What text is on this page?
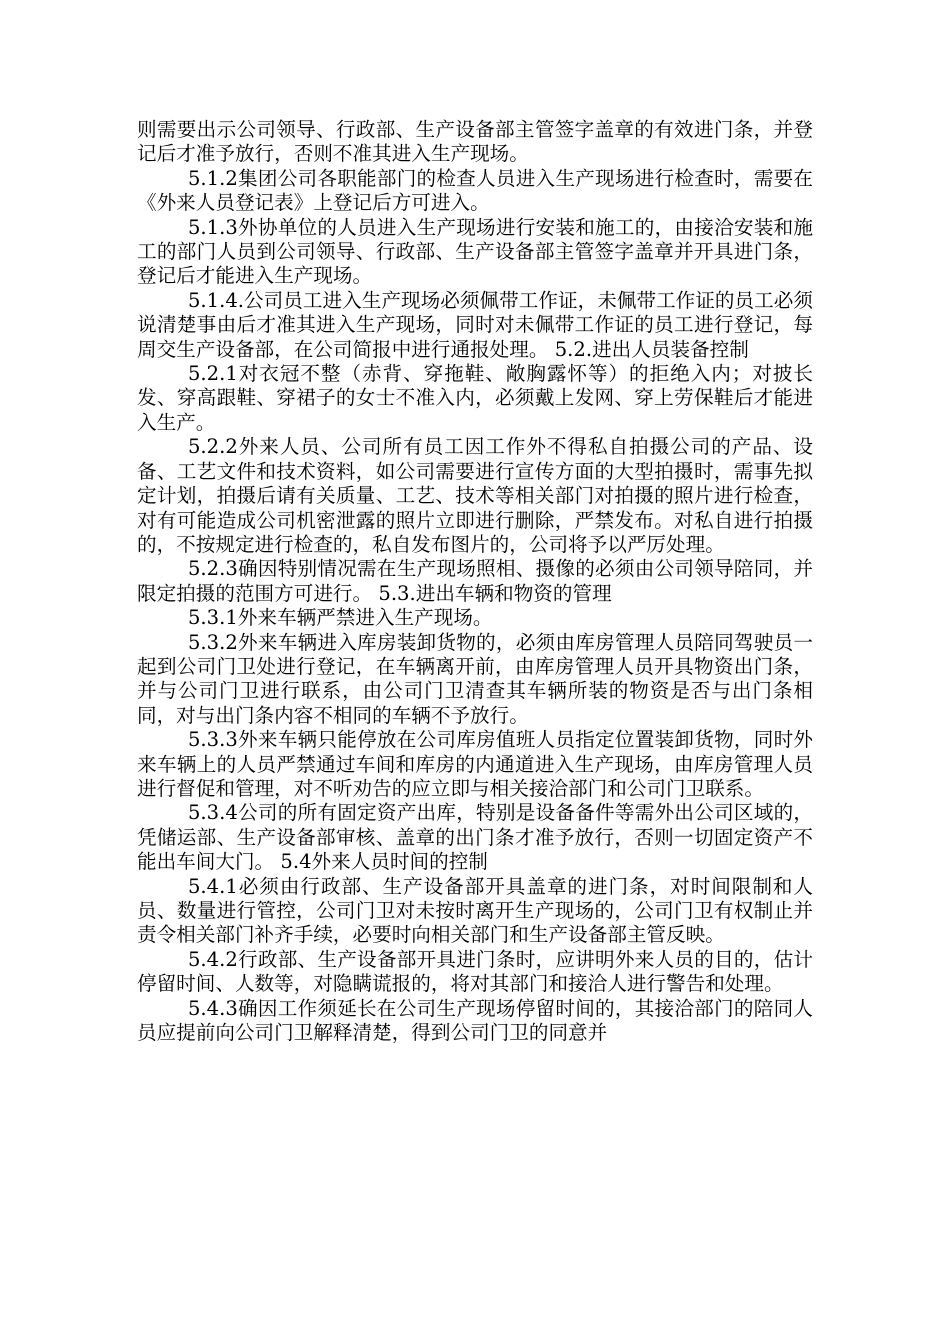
则需要出示公司领导、行政部、生产设备部主管签字盖章的有效进门条，并登记后才准予放行，否则不准其进入生产现场。

5.1.2集团公司各职能部门的检查人员进入生产现场进行检查时，需要在《外来人员登记表》上登记后方可进入。

5.1.3外协单位的人员进入生产现场进行安装和施工的，由接洽安装和施工的部门人员到公司领导、行政部、生产设备部主管签字盖章并开具进门条，登记后才能进入生产现场。

5.1.4.公司员工进入生产现场必须佩带工作证，未佩带工作证的员工必须说清楚事由后才准其进入生产现场，同时对未佩带工作证的员工进行登记，每周交生产设备部，在公司简报中进行通报处理。 5.2.进出人员装备控制

5.2.1对衣冠不整（赤背、穿拖鞋、敞胸露怀等）的拒绝入内；对披长发、穿高跟鞋、穿裙子的女士不准入内，必须戴上发网、穿上劳保鞋后才能进入生产。

5.2.2外来人员、公司所有员工因工作外不得私自拍摄公司的产品、设备、工艺文件和技术资料，如公司需要进行宣传方面的大型拍摄时，需事先拟定计划，拍摄后请有关质量、工艺、技术等相关部门对拍摄的照片进行检查，对有可能造成公司机密泄露的照片立即进行删除，严禁发布。对私自进行拍摄的，不按规定进行检查的，私自发布图片的，公司将予以严厉处理。

5.2.3确因特别情况需在生产现场照相、摄像的必须由公司领导陪同，并限定拍摄的范围方可进行。 5.3.进出车辆和物资的管理

5.3.1外来车辆严禁进入生产现场。

5.3.2外来车辆进入库房装卸货物的，必须由库房管理人员陪同驾驶员一起到公司门卫处进行登记，在车辆离开前，由库房管理人员开具物资出门条，并与公司门卫进行联系，由公司门卫清查其车辆所装的物资是否与出门条相同，对与出门条内容不相同的车辆不予放行。

5.3.3外来车辆只能停放在公司库房值班人员指定位置装卸货物，同时外来车辆上的人员严禁通过车间和库房的内通道进入生产现场，由库房管理人员进行督促和管理，对不听劝告的应立即与相关接洽部门和公司门卫联系。

5.3.4公司的所有固定资产出库，特别是设备备件等需外出公司区域的，凭储运部、生产设备部审核、盖章的出门条才准予放行，否则一切固定资产不能出车间大门。 5.4外来人员时间的控制

5.4.1必须由行政部、生产设备部开具盖章的进门条，对时间限制和人员、数量进行管控，公司门卫对未按时离开生产现场的，公司门卫有权制止并责令相关部门补齐手续，必要时向相关部门和生产设备部主管反映。

5.4.2行政部、生产设备部开具进门条时，应讲明外来人员的目的，估计停留时间、人数等，对隐瞒谎报的，将对其部门和接洽人进行警告和处理。

5.4.3确因工作须延长在公司生产现场停留时间的，其接洽部门的陪同人员应提前向公司门卫解释清楚，得到公司门卫的同意并
